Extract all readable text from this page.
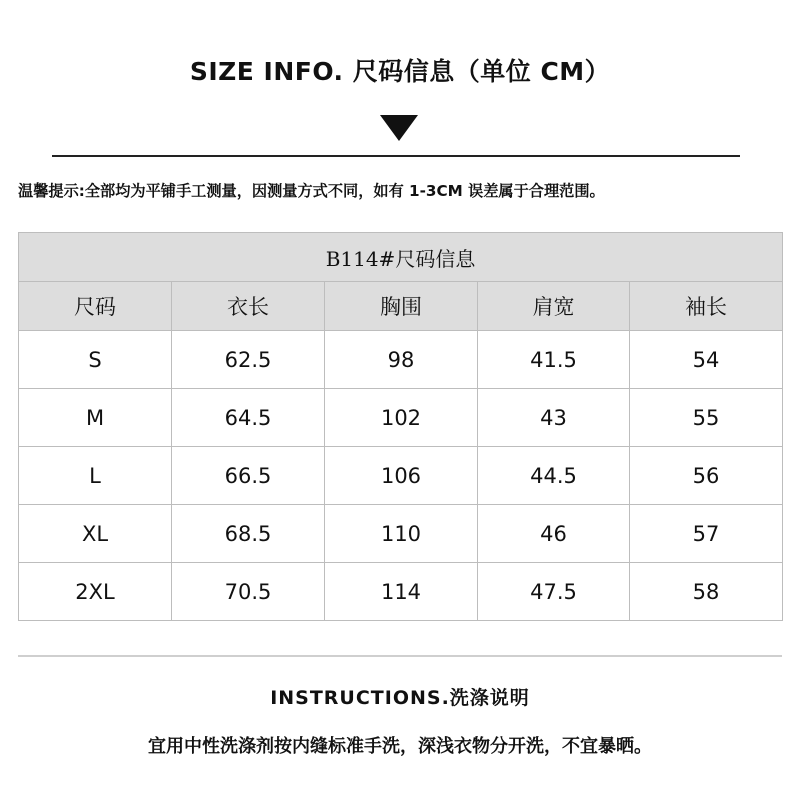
SIZE INFO. 尺码信息（单位 CM）
温馨提示:全部均为平铺手工测量，因测量方式不同，如有 1-3CM 误差属于合理范围。
B114#尺码信息				
尺码	衣长	胸围	肩宽	袖长
S	62.5	98	41.5	54
M	64.5	102	43	55
L	66.5	106	44.5	56
XL	68.5	110	46	57
2XL	70.5	114	47.5	58
INSTRUCTIONS.洗涤说明
宜用中性洗涤剂按内缝标准手洗，深浅衣物分开洗，不宜暴晒。
